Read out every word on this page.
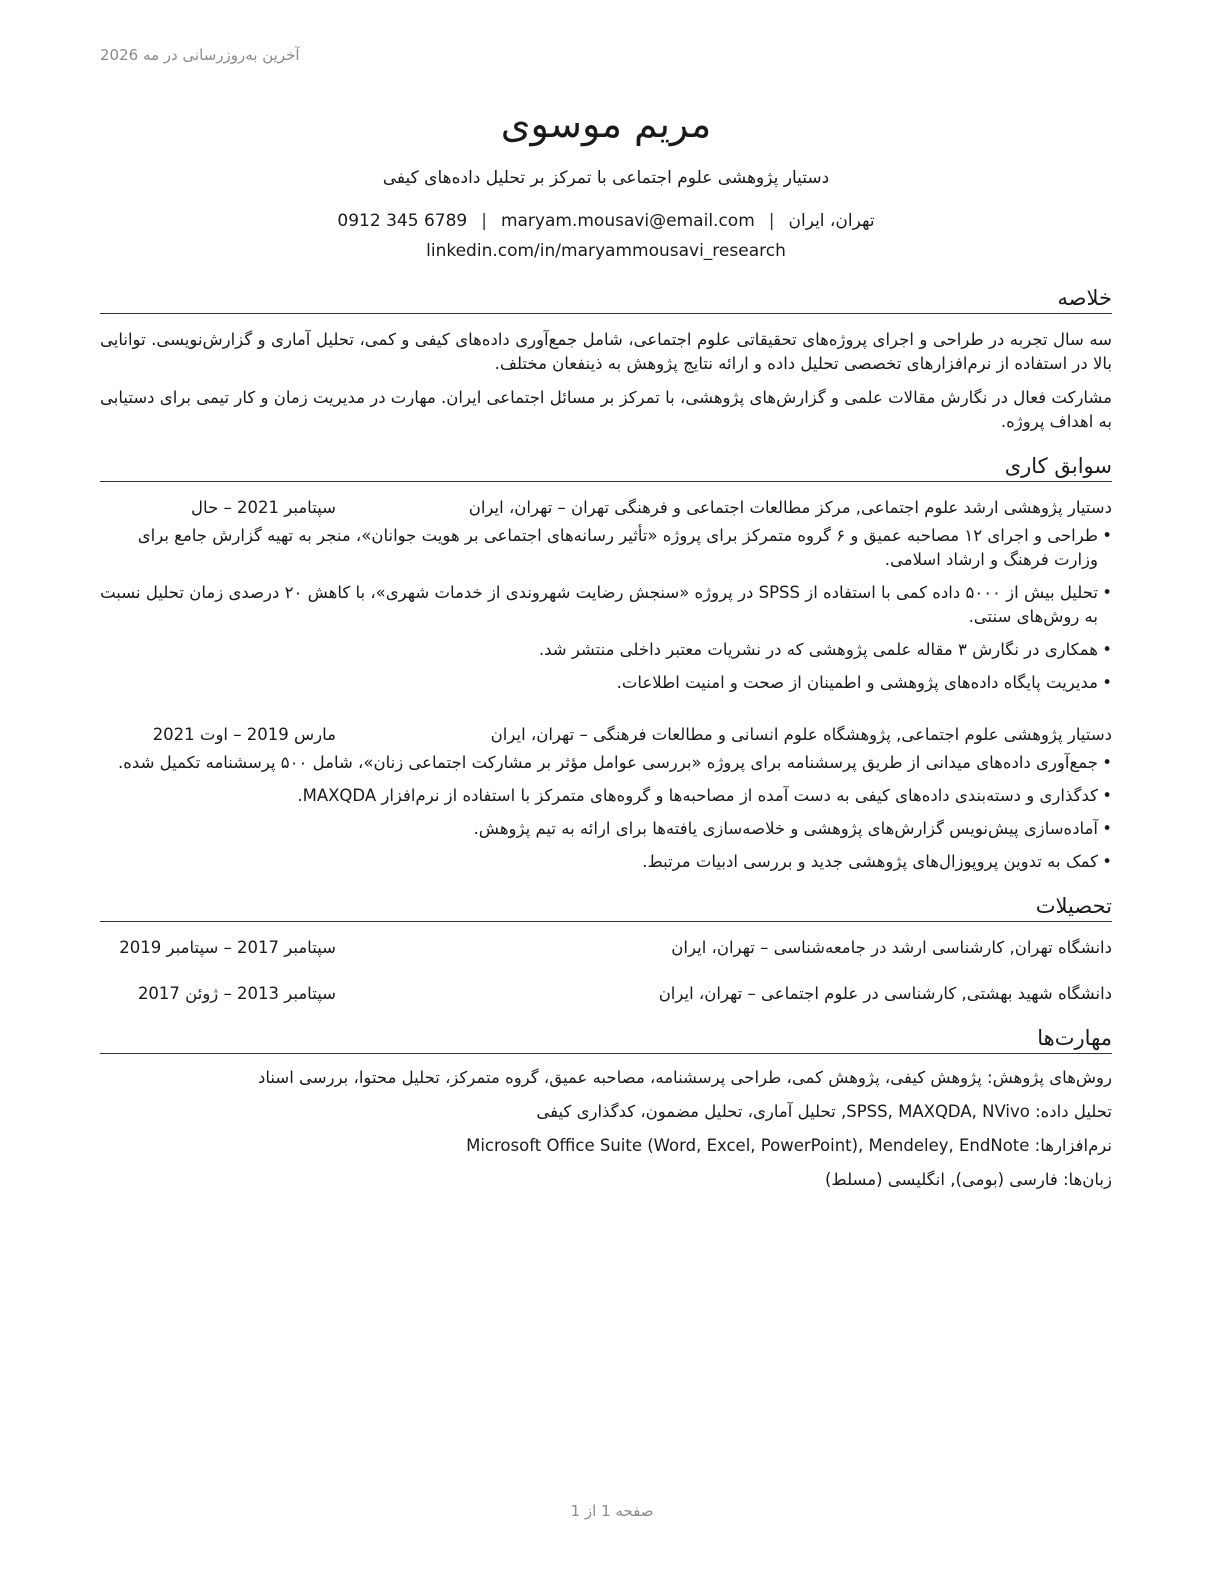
آخرین به‌روزرسانی در مه 2026
مریم موسوی
دستیار پژوهشی علوم اجتماعی با تمرکز بر تحلیل داده‌های کیفی
تهران، ایران|maryam.mousavi@email.com|0912 345 6789
linkedin.com/in/maryammousavi_research
خلاصه

سه سال تجربه در طراحی و اجرای پروژه‌های تحقیقاتی علوم اجتماعی، شامل جمع‌آوری داده‌های کیفی و کمی، تحلیل آماری و گزارش‌نویسی. توانایی بالا در استفاده از نرم‌افزارهای تخصصی تحلیل داده و ارائه نتایج پژوهش به ذینفعان مختلف.

مشارکت فعال در نگارش مقالات علمی و گزارش‌های پژوهشی، با تمرکز بر مسائل اجتماعی ایران. مهارت در مدیریت زمان و کار تیمی برای دستیابی به اهداف پروژه.

سوابق کاری
دستیار پژوهشی ارشد علوم اجتماعی, مرکز مطالعات اجتماعی و فرهنگی تهران – تهران، ایران
سپتامبر 2021 – حال
• طراحی و اجرای ۱۲ مصاحبه عمیق و ۶ گروه متمرکز برای پروژه «تأثیر رسانه‌های اجتماعی بر هویت جوانان»، منجر به تهیه گزارش جامع برای وزارت فرهنگ و ارشاد اسلامی.
• تحلیل بیش از ۵۰۰۰ داده کمی با استفاده از SPSS در پروژه «سنجش رضایت شهروندی از خدمات شهری»، با کاهش ۲۰ درصدی زمان تحلیل نسبت به روش‌های سنتی.
• همکاری در نگارش ۳ مقاله علمی پژوهشی که در نشریات معتبر داخلی منتشر شد.
• مدیریت پایگاه داده‌های پژوهشی و اطمینان از صحت و امنیت اطلاعات.
دستیار پژوهشی علوم اجتماعی, پژوهشگاه علوم انسانی و مطالعات فرهنگی – تهران، ایران
مارس 2019 – اوت 2021
• جمع‌آوری داده‌های میدانی از طریق پرسشنامه برای پروژه «بررسی عوامل مؤثر بر مشارکت اجتماعی زنان»، شامل ۵۰۰ پرسشنامه تکمیل شده.
• کدگذاری و دسته‌بندی داده‌های کیفی به دست آمده از مصاحبه‌ها و گروه‌های متمرکز با استفاده از نرم‌افزار MAXQDA.
• آماده‌سازی پیش‌نویس گزارش‌های پژوهشی و خلاصه‌سازی یافته‌ها برای ارائه به تیم پژوهش.
• کمک به تدوین پروپوزال‌های پژوهشی جدید و بررسی ادبیات مرتبط.
تحصیلات
دانشگاه تهران, کارشناسی ارشد در جامعه‌شناسی – تهران، ایران
سپتامبر 2017 – سپتامبر 2019
دانشگاه شهید بهشتی, کارشناسی در علوم اجتماعی – تهران، ایران
سپتامبر 2013 – ژوئن 2017
مهارت‌ها

روش‌های پژوهش: پژوهش کیفی، پژوهش کمی، طراحی پرسشنامه، مصاحبه عمیق، گروه متمرکز، تحلیل محتوا، بررسی اسناد

تحلیل داده: SPSS, MAXQDA, NVivo, تحلیل آماری، تحلیل مضمون، کدگذاری کیفی

نرم‌افزارها: Microsoft Office Suite (Word, Excel, PowerPoint), Mendeley, EndNote

زبان‌ها: فارسی (بومی), انگلیسی (مسلط)

صفحه 1 از 1
